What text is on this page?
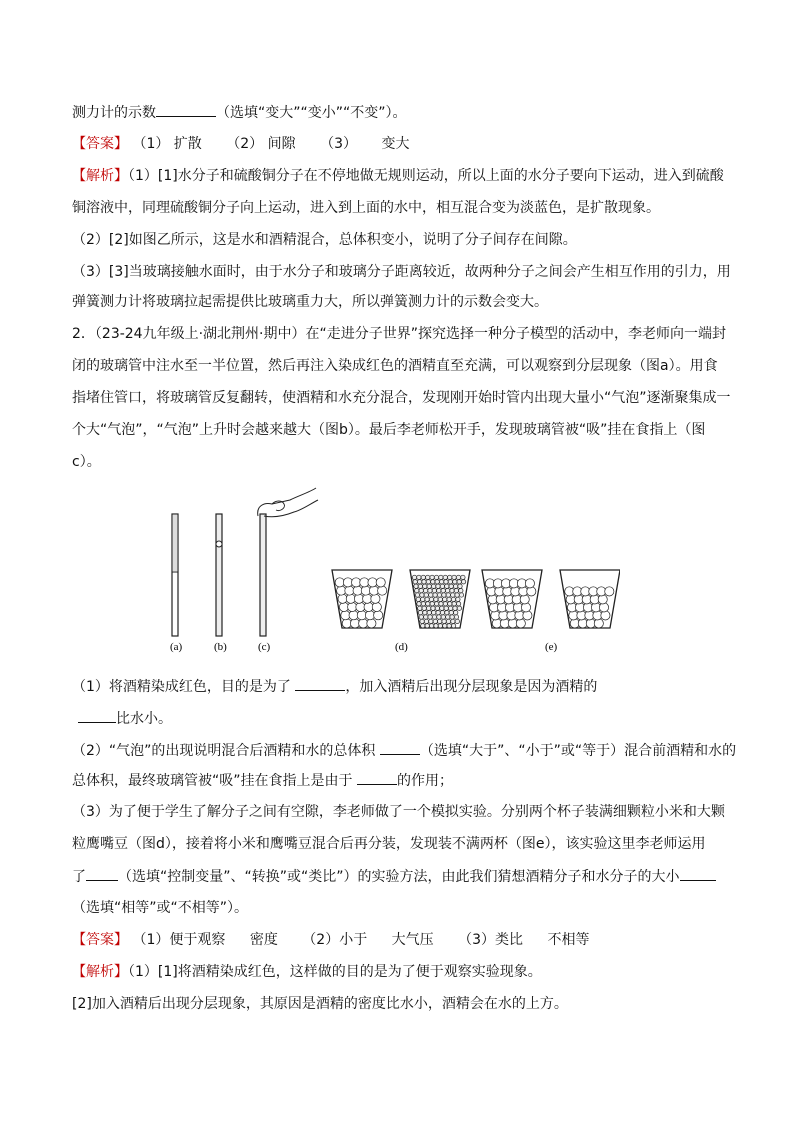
测力计的示数	（选填“变大”“变小”“不变”）。
【答案】 （1） 扩散 （2） 间隙 （3） 变大
【解析】（1）[1]水分子和硫酸铜分子在不停地做无规则运动，所以上面的水分子要向下运动，进入到硫酸
铜溶液中，同理硫酸铜分子向上运动，进入到上面的水中，相互混合变为淡蓝色，是扩散现象。
（2）[2]如图乙所示，这是水和酒精混合，总体积变小，说明了分子间存在间隙。
（3）[3]当玻璃接触水面时，由于水分子和玻璃分子距离较近，故两种分子之间会产生相互作用的引力，用
弹簧测力计将玻璃拉起需提供比玻璃重力大，所以弹簧测力计的示数会变大。
2．（23-24九年级上·湖北荆州·期中）在“走进分子世界”探究选择一种分子模型的活动中，李老师向一端封
闭的玻璃管中注水至一半位置，然后再注入染成红色的酒精直至充满，可以观察到分层现象（图a）。用食
指堵住管口，将玻璃管反复翻转，使酒精和水充分混合，发现刚开始时管内出现大量小“气泡”逐渐聚集成一
个大“气泡”，“气泡”上升时会越来越大（图b）。最后李老师松开手，发现玻璃管被“吸”挂在食指上（图
c）。
(a)	(b)	(c)	(d)	(e)
（1）将酒精染成红色，目的是为了	，加入酒精后出现分层现象是因为酒精的
比水小。
（2）“气泡”的出现说明混合后酒精和水的总体积	（选填“大于”、“小于”或“等于）混合前酒精和水的
总体积，最终玻璃管被“吸”挂在食指上是由于	的作用；
（3）为了便于学生了解分子之间有空隙，李老师做了一个模拟实验。分别两个杯子装满细颗粒小米和大颗
粒鹰嘴豆（图d），接着将小米和鹰嘴豆混合后再分装，发现装不满两杯（图e），该实验这里李老师运用
了 （选填“控制变量”、“转换”或“类比”）的实验方法，由此我们猜想酒精分子和水分子的大小
（选填“相等”或“不相等”）。
【答案】 （1）便于观察 密度 （2）小于 大气压 （3）类比 不相等
【解析】（1）[1]将酒精染成红色，这样做的目的是为了便于观察实验现象。
[2]加入酒精后出现分层现象，其原因是酒精的密度比水小，酒精会在水的上方。
